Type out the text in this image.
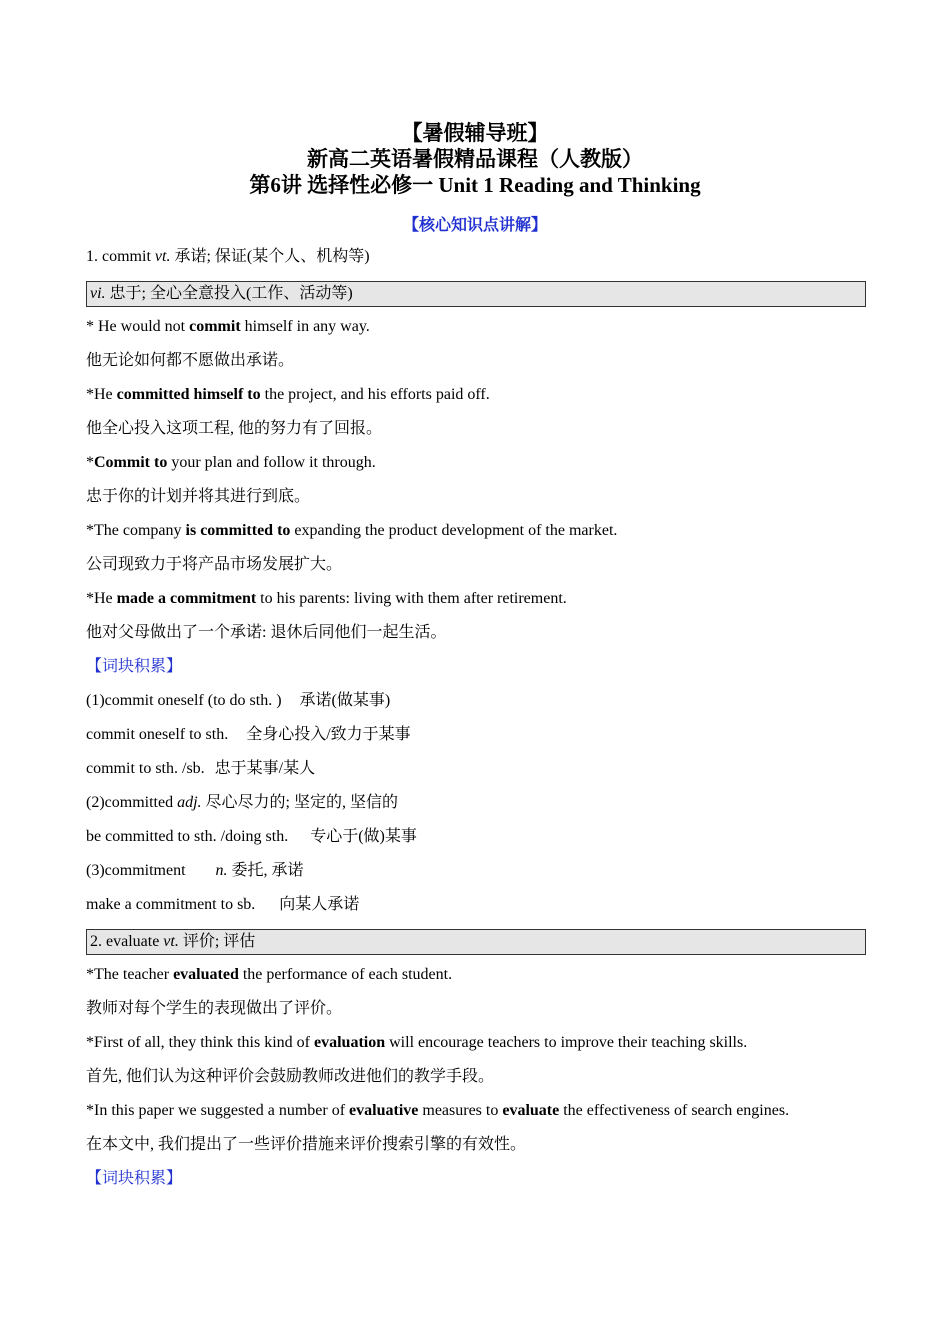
【暑假辅导班】
新高二英语暑假精品课程（人教版）
第6讲 选择性必修一 Unit 1 Reading and Thinking
【核心知识点讲解】
1. commit vt. 承诺; 保证(某个人、机构等)
vi. 忠于; 全心全意投入(工作、活动等)
* He would not commit himself in any way.
他无论如何都不愿做出承诺。
*He committed himself to the project, and his efforts paid off.
他全心投入这项工程, 他的努力有了回报。
*Commit to your plan and follow it through.
忠于你的计划并将其进行到底。
*The company is committed to expanding the product development of the market.
公司现致力于将产品市场发展扩大。
*He made a commitment to his parents: living with them after retirement.
他对父母做出了一个承诺: 退休后同他们一起生活。
【词块积累】
(1)commit oneself (to do sth. ) 承诺(做某事)
commit oneself to sth. 全身心投入/致力于某事
commit to sth. /sb. 忠于某事/某人
(2)committed adj. 尽心尽力的; 坚定的, 坚信的
be committed to sth. /doing sth. 专心于(做)某事
(3)commitment n. 委托, 承诺
make a commitment to sb. 向某人承诺
2. evaluate vt. 评价; 评估
*The teacher evaluated the performance of each student.
教师对每个学生的表现做出了评价。
*First of all, they think this kind of evaluation will encourage teachers to improve their teaching skills.
首先, 他们认为这种评价会鼓励教师改进他们的教学手段。
*In this paper we suggested a number of evaluative measures to evaluate the effectiveness of search engines.
在本文中, 我们提出了一些评价措施来评价搜索引擎的有效性。
【词块积累】
